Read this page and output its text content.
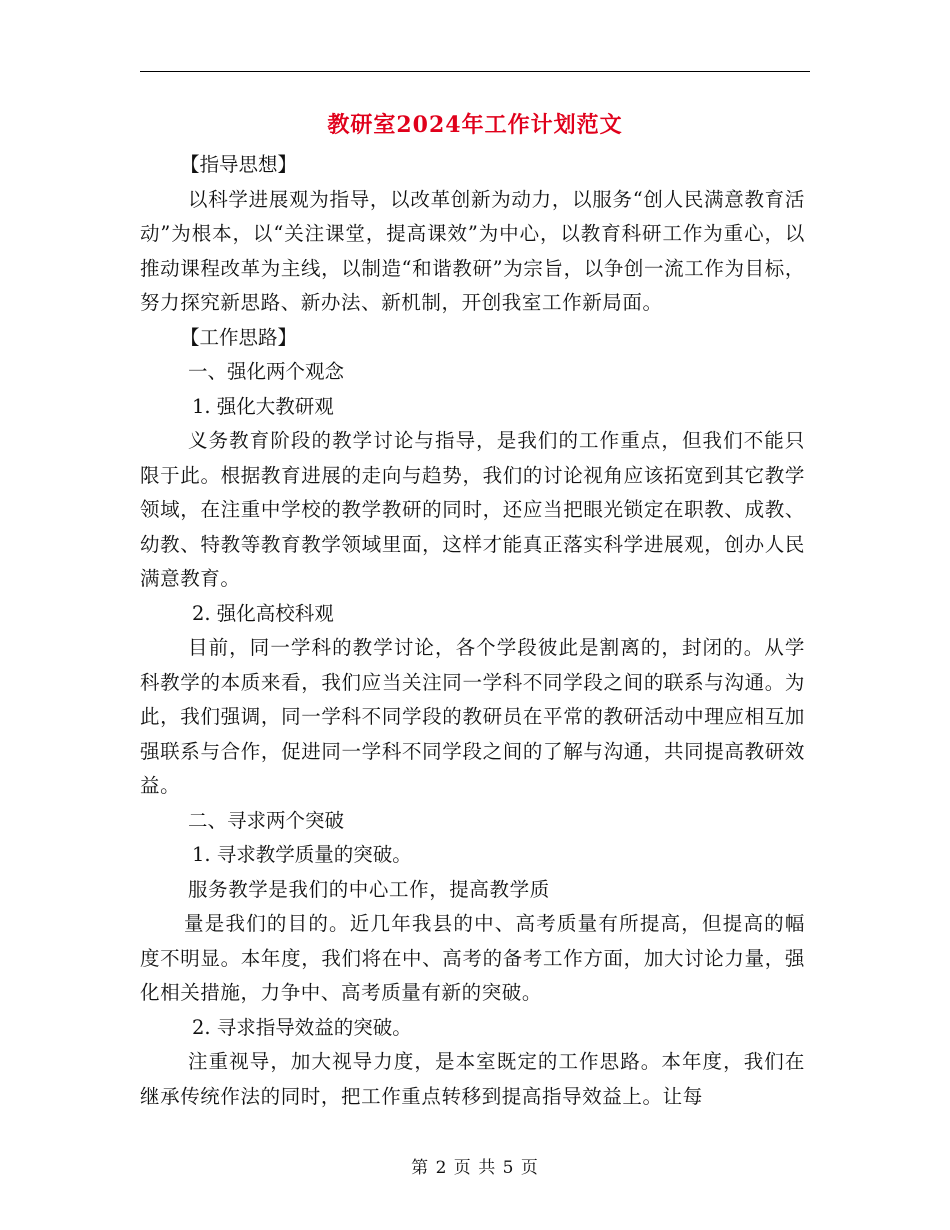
教研室2024年工作计划范文

【指导思想】

以科学进展观为指导，以改革创新为动力，以服务“创人民满意教育活动”为根本，以“关注课堂，提高课效”为中心，以教育科研工作为重心，以推动课程改革为主线，以制造“和谐教研”为宗旨，以争创一流工作为目标，努力探究新思路、新办法、新机制，开创我室工作新局面。

【工作思路】

一、强化两个观念

1. 强化大教研观

义务教育阶段的教学讨论与指导，是我们的工作重点，但我们不能只限于此。根据教育进展的走向与趋势，我们的讨论视角应该拓宽到其它教学领域，在注重中学校的教学教研的同时，还应当把眼光锁定在职教、成教、幼教、特教等教育教学领域里面，这样才能真正落实科学进展观，创办人民满意教育。

2. 强化高校科观

目前，同一学科的教学讨论，各个学段彼此是割离的，封闭的。从学科教学的本质来看，我们应当关注同一学科不同学段之间的联系与沟通。为此，我们强调，同一学科不同学段的教研员在平常的教研活动中理应相互加强联系与合作，促进同一学科不同学段之间的了解与沟通，共同提高教研效益。

二、寻求两个突破

1. 寻求教学质量的突破。

服务教学是我们的中心工作，提高教学质

量是我们的目的。近几年我县的中、高考质量有所提高，但提高的幅度不明显。本年度，我们将在中、高考的备考工作方面，加大讨论力量，强化相关措施，力争中、高考质量有新的突破。

2. 寻求指导效益的突破。

注重视导，加大视导力度，是本室既定的工作思路。本年度，我们在继承传统作法的同时，把工作重点转移到提高指导效益上。让每

第 2 页 共 5 页
